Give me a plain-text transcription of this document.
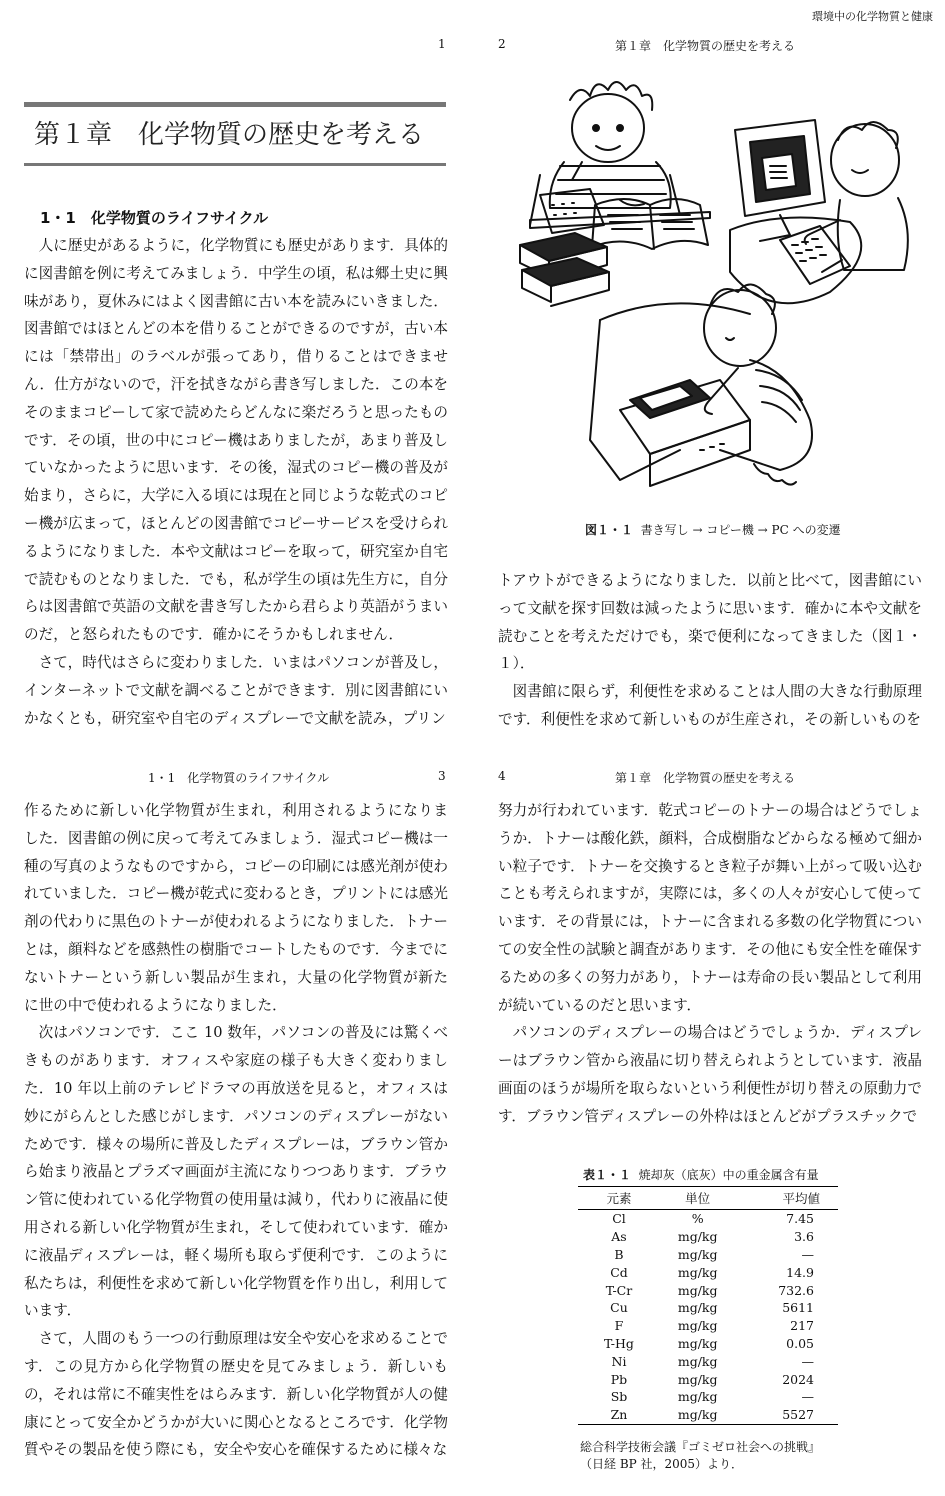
環境中の化学物質と健康
1
第１章　化学物質の歴史を考える
1・1　化学物質のライフサイクル

人に歴史があるように，化学物質にも歴史があります．具体的に図書館を例に考えてみましょう．中学生の頃，私は郷土史に興味があり，夏休みにはよく図書館に古い本を読みにいきました．図書館ではほとんどの本を借りることができるのですが，古い本には「禁帯出」のラベルが張ってあり，借りることはできません．仕方がないので，汗を拭きながら書き写しました．この本をそのままコピーして家で読めたらどんなに楽だろうと思ったものです．その頃，世の中にコピー機はありましたが，あまり普及していなかったように思います．その後，湿式のコピー機の普及が始まり，さらに，大学に入る頃には現在と同じような乾式のコピー機が広まって，ほとんどの図書館でコピーサービスを受けられるようになりました．本や文献はコピーを取って，研究室か自宅で読むものとなりました．でも，私が学生の頃は先生方に，自分らは図書館で英語の文献を書き写したから君らより英語がうまいのだ，と怒られたものです．確かにそうかもしれません．

さて，時代はさらに変わりました．いまはパソコンが普及し，インターネットで文献を調べることができます．別に図書館にいかなくとも，研究室や自宅のディスプレーで文献を読み，プリン

2	第１章　化学物質の歴史を考える
図１・１ 書き写し → コピー機 → PC への変遷

トアウトができるようになりました．以前と比べて，図書館にいって文献を探す回数は減ったように思います．確かに本や文献を読むことを考えただけでも，楽で便利になってきました（図１・１）．

図書館に限らず，利便性を求めることは人間の大きな行動原理です．利便性を求めて新しいものが生産され，その新しいものを

1・1　化学物質のライフサイクル	3

作るために新しい化学物質が生まれ，利用されるようになりました．図書館の例に戻って考えてみましょう．湿式コピー機は一種の写真のようなものですから，コピーの印刷には感光剤が使われていました．コピー機が乾式に変わるとき，プリントには感光剤の代わりに黒色のトナーが使われるようになりました．トナーとは，顔料などを感熱性の樹脂でコートしたものです．今までにないトナーという新しい製品が生まれ，大量の化学物質が新たに世の中で使われるようになりました．

次はパソコンです．ここ 10 数年，パソコンの普及には驚くべきものがあります．オフィスや家庭の様子も大きく変わりました．10 年以上前のテレビドラマの再放送を見ると，オフィスは妙にがらんとした感じがします．パソコンのディスプレーがないためです．様々の場所に普及したディスプレーは，ブラウン管から始まり液晶とプラズマ画面が主流になりつつあります．ブラウン管に使われている化学物質の使用量は減り，代わりに液晶に使用される新しい化学物質が生まれ，そして使われています．確かに液晶ディスプレーは，軽く場所も取らず便利です．このように私たちは，利便性を求めて新しい化学物質を作り出し，利用しています．

さて，人間のもう一つの行動原理は安全や安心を求めることです．この見方から化学物質の歴史を見てみましょう．新しいもの，それは常に不確実性をはらみます．新しい化学物質が人の健康にとって安全かどうかが大いに関心となるところです．化学物質やその製品を使う際にも，安全や安心を確保するために様々な

4	第１章　化学物質の歴史を考える

努力が行われています．乾式コピーのトナーの場合はどうでしょうか．トナーは酸化鉄，顔料，合成樹脂などからなる極めて細かい粒子です．トナーを交換するとき粒子が舞い上がって吸い込むことも考えられますが，実際には，多くの人々が安心して使っています．その背景には，トナーに含まれる多数の化学物質についての安全性の試験と調査があります．その他にも安全性を確保するための多くの努力があり，トナーは寿命の長い製品として利用が続いているのだと思います．

パソコンのディスプレーの場合はどうでしょうか．ディスプレーはブラウン管から液晶に切り替えられようとしています．液晶画面のほうが場所を取らないという利便性が切り替えの原動力です．ブラウン管ディスプレーの外枠はほとんどがプラスチックで

表１・１ 焼却灰（底灰）中の重金属含有量
元素	単位	平均値
Cl	%	7.45
As	mg/kg	3.6
B	mg/kg	—
Cd	mg/kg	14.9
T-Cr	mg/kg	732.6
Cu	mg/kg	5611
F	mg/kg	217
T-Hg	mg/kg	0.05
Ni	mg/kg	—
Pb	mg/kg	2024
Sb	mg/kg	—
Zn	mg/kg	5527
総合科学技術会議『ゴミゼロ社会への挑戦』
（日経 BP 社，2005）より．
